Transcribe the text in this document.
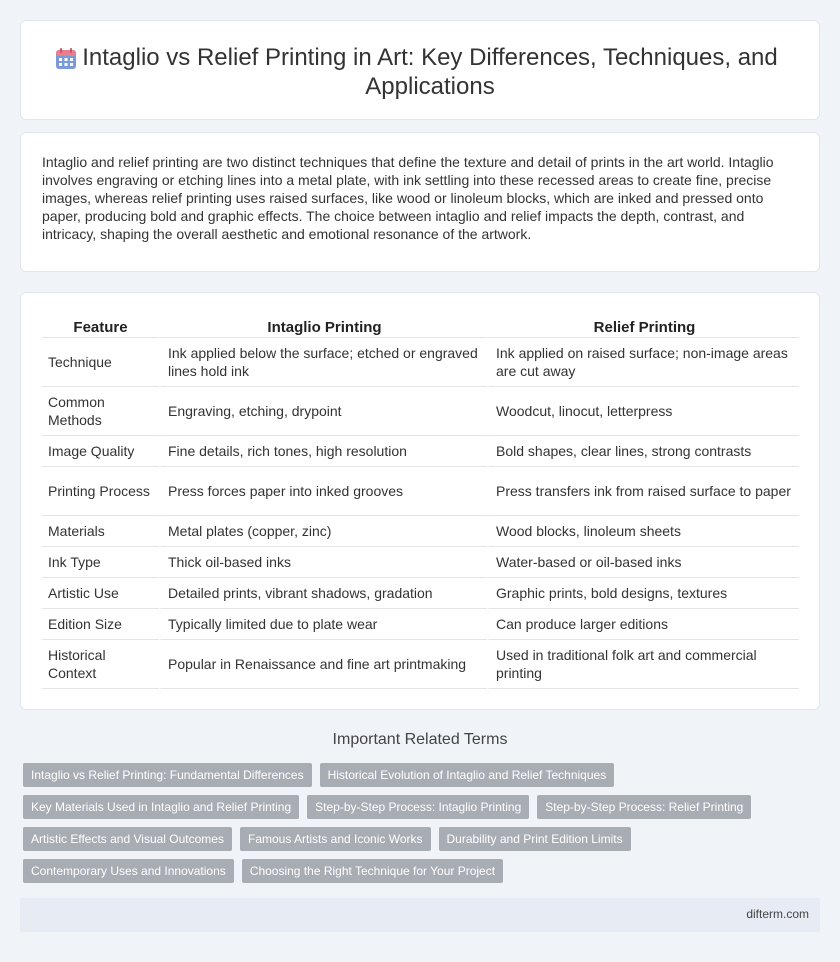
Intaglio vs Relief Printing in Art: Key Differences, Techniques, and Applications

Intaglio and relief printing are two distinct techniques that define the texture and detail of prints in the art world. Intaglio involves engraving or etching lines into a metal plate, with ink settling into these recessed areas to create fine, precise images, whereas relief printing uses raised surfaces, like wood or linoleum blocks, which are inked and pressed onto paper, producing bold and graphic effects. The choice between intaglio and relief impacts the depth, contrast, and intricacy, shaping the overall aesthetic and emotional resonance of the artwork.

Feature	Intaglio Printing	Relief Printing
Technique	Ink applied below the surface; etched or engraved lines hold ink	Ink applied on raised surface; non-image areas are cut away
Common Methods	Engraving, etching, drypoint	Woodcut, linocut, letterpress
Image Quality	Fine details, rich tones, high resolution	Bold shapes, clear lines, strong contrasts
Printing Process	Press forces paper into inked grooves	Press transfers ink from raised surface to paper
Materials	Metal plates (copper, zinc)	Wood blocks, linoleum sheets
Ink Type	Thick oil-based inks	Water-based or oil-based inks
Artistic Use	Detailed prints, vibrant shadows, gradation	Graphic prints, bold designs, textures
Edition Size	Typically limited due to plate wear	Can produce larger editions
Historical Context	Popular in Renaissance and fine art printmaking	Used in traditional folk art and commercial printing
Important Related Terms
Intaglio vs Relief Printing: Fundamental Differences	Historical Evolution of Intaglio and Relief Techniques
Key Materials Used in Intaglio and Relief Printing	Step-by-Step Process: Intaglio Printing	Step-by-Step Process: Relief Printing
Artistic Effects and Visual Outcomes	Famous Artists and Iconic Works	Durability and Print Edition Limits
Contemporary Uses and Innovations	Choosing the Right Technique for Your Project
difterm.com
